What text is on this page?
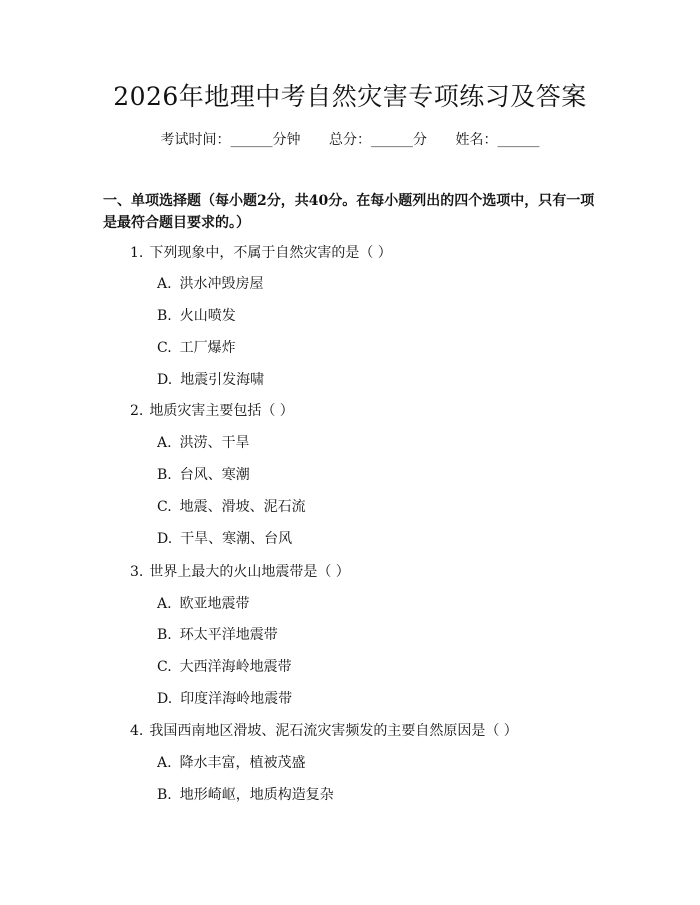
2026年地理中考自然灾害专项练习及答案
考试时间：______分钟 总分：______分 姓名：______
一、单项选择题（每小题2分，共40分。在每小题列出的四个选项中，只有一项是最符合题目要求的。）
1. 下列现象中，不属于自然灾害的是（ ）
A. 洪水冲毁房屋
B. 火山喷发
C. 工厂爆炸
D. 地震引发海啸
2. 地质灾害主要包括（ ）
A. 洪涝、干旱
B. 台风、寒潮
C. 地震、滑坡、泥石流
D. 干旱、寒潮、台风
3. 世界上最大的火山地震带是（ ）
A. 欧亚地震带
B. 环太平洋地震带
C. 大西洋海岭地震带
D. 印度洋海岭地震带
4. 我国西南地区滑坡、泥石流灾害频发的主要自然原因是（ ）
A. 降水丰富，植被茂盛
B. 地形崎岖，地质构造复杂
